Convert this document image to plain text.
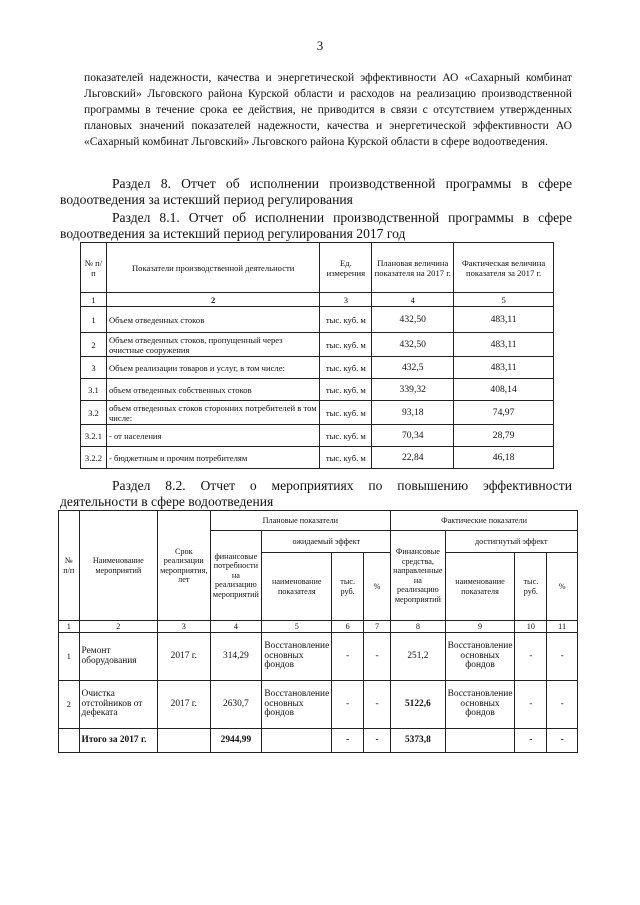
3
показателей надежности, качества и энергетической эффективности АО «Сахарный комбинат Льговский» Льговского района Курской области и расходов на реализацию производственной программы в течение срока ее действия, не приводится в связи с отсутствием утвержденных плановых значений показателей надежности, качества и энергетической эффективности АО «Сахарный комбинат Льговский» Льговского района Курской области в сфере водоотведения.
Раздел 8. Отчет об исполнении производственной программы в сфере водоотведения за истекший период регулирования
Раздел 8.1. Отчет об исполнении производственной программы в сфере водоотведения за истекший период регулирования 2017 год
№ п/п	Показатели производственной деятельности	Ед. измерения	Плановая величина показателя на 2017 г.	Фактическая величина показателя за 2017 г.
1	2	3	4	5
1	Объем отведенных стоков	тыс. куб. м	432,50	483,11
2	Объем отведенных стоков, пропущенный через очистные сооружения	тыс. куб. м	432,50	483,11
3	Объем реализации товаров и услуг, в том числе:	тыс. куб. м	432,5	483,11
3.1	объем отведенных собственных стоков	тыс. куб. м	339,32	408,14
3.2	объем отведенных стоков сторонних потребителей в том числе:	тыс. куб. м	93,18	74,97
3.2.1	- от населения	тыс. куб. м	70,34	28,79
3.2.2	- бюджетным и прочим потребителям	тыс. куб. м	22,84	46,18
Раздел 8.2. Отчет о мероприятиях по повышению эффективности деятельности в сфере водоотведения
№ п/п	Наименование мероприятий	Срок реализации мероприятия, лет	Плановые показатели				Фактические показатели			
			финансовые потребности на реализацию мероприятий	ожидаемый эффект			Финансовые средства, направленные на реализацию мероприятий	достигнутый эффект		
				наименование показателя	тыс. руб.	%		наименование показателя	тыс. руб.	%
1	2	3	4	5	6	7	8	9	10	11
1	Ремонт оборудования	2017 г.	314,29	Восстановление основных фондов	-	-	251,2	Восстановление основных фондов	-	-
2	Очистка отстойников от дефеката	2017 г.	2630,7	Восстановление основных фондов	-	-	5122,6	Восстановление основных фондов	-	-
	Итого за 2017 г.		2944,99		-	-	5373,8		-	-
